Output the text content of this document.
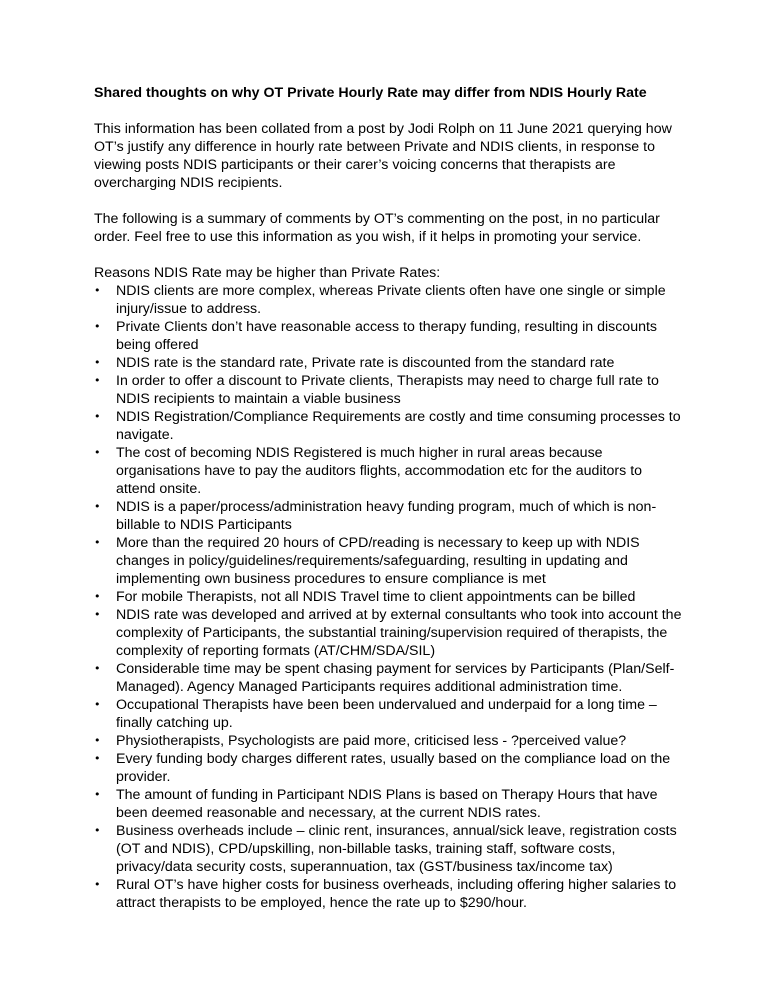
Shared thoughts on why OT Private Hourly Rate may differ from NDIS Hourly Rate

This information has been collated from a post by Jodi Rolph on 11 June 2021 querying how OT’s justify any difference in hourly rate between Private and NDIS clients, in response to viewing posts NDIS participants or their carer’s voicing concerns that therapists are overcharging NDIS recipients.

The following is a summary of comments by OT’s commenting on the post, in no particular order. Feel free to use this information as you wish, if it helps in promoting your service.

Reasons NDIS Rate may be higher than Private Rates:

•	NDIS clients are more complex, whereas Private clients often have one single or simple injury/issue to address.
•	Private Clients don’t have reasonable access to therapy funding, resulting in discounts being offered
•	NDIS rate is the standard rate, Private rate is discounted from the standard rate
•	In order to offer a discount to Private clients, Therapists may need to charge full rate to NDIS recipients to maintain a viable business
•	NDIS Registration/Compliance Requirements are costly and time consuming processes to navigate.
•	The cost of becoming NDIS Registered is much higher in rural areas because organisations have to pay the auditors flights, accommodation etc for the auditors to attend onsite.
•	NDIS is a paper/process/administration heavy funding program, much of which is non-billable to NDIS Participants
•	More than the required 20 hours of CPD/reading is necessary to keep up with NDIS changes in policy/guidelines/requirements/safeguarding, resulting in updating and implementing own business procedures to ensure compliance is met
•	For mobile Therapists, not all NDIS Travel time to client appointments can be billed
•	NDIS rate was developed and arrived at by external consultants who took into account the complexity of Participants, the substantial training/supervision required of therapists, the complexity of reporting formats (AT/CHM/SDA/SIL)
•	Considerable time may be spent chasing payment for services by Participants (Plan/Self-Managed). Agency Managed Participants requires additional administration time.
•	Occupational Therapists have been been undervalued and underpaid for a long time – finally catching up.
•	Physiotherapists, Psychologists are paid more, criticised less - ?perceived value?
•	Every funding body charges different rates, usually based on the compliance load on the provider.
•	The amount of funding in Participant NDIS Plans is based on Therapy Hours that have been deemed reasonable and necessary, at the current NDIS rates.
•	Business overheads include – clinic rent, insurances, annual/sick leave, registration costs (OT and NDIS), CPD/upskilling, non-billable tasks, training staff, software costs, privacy/data security costs, superannuation, tax (GST/business tax/income tax)
•	Rural OT’s have higher costs for business overheads, including offering higher salaries to attract therapists to be employed, hence the rate up to $290/hour.
